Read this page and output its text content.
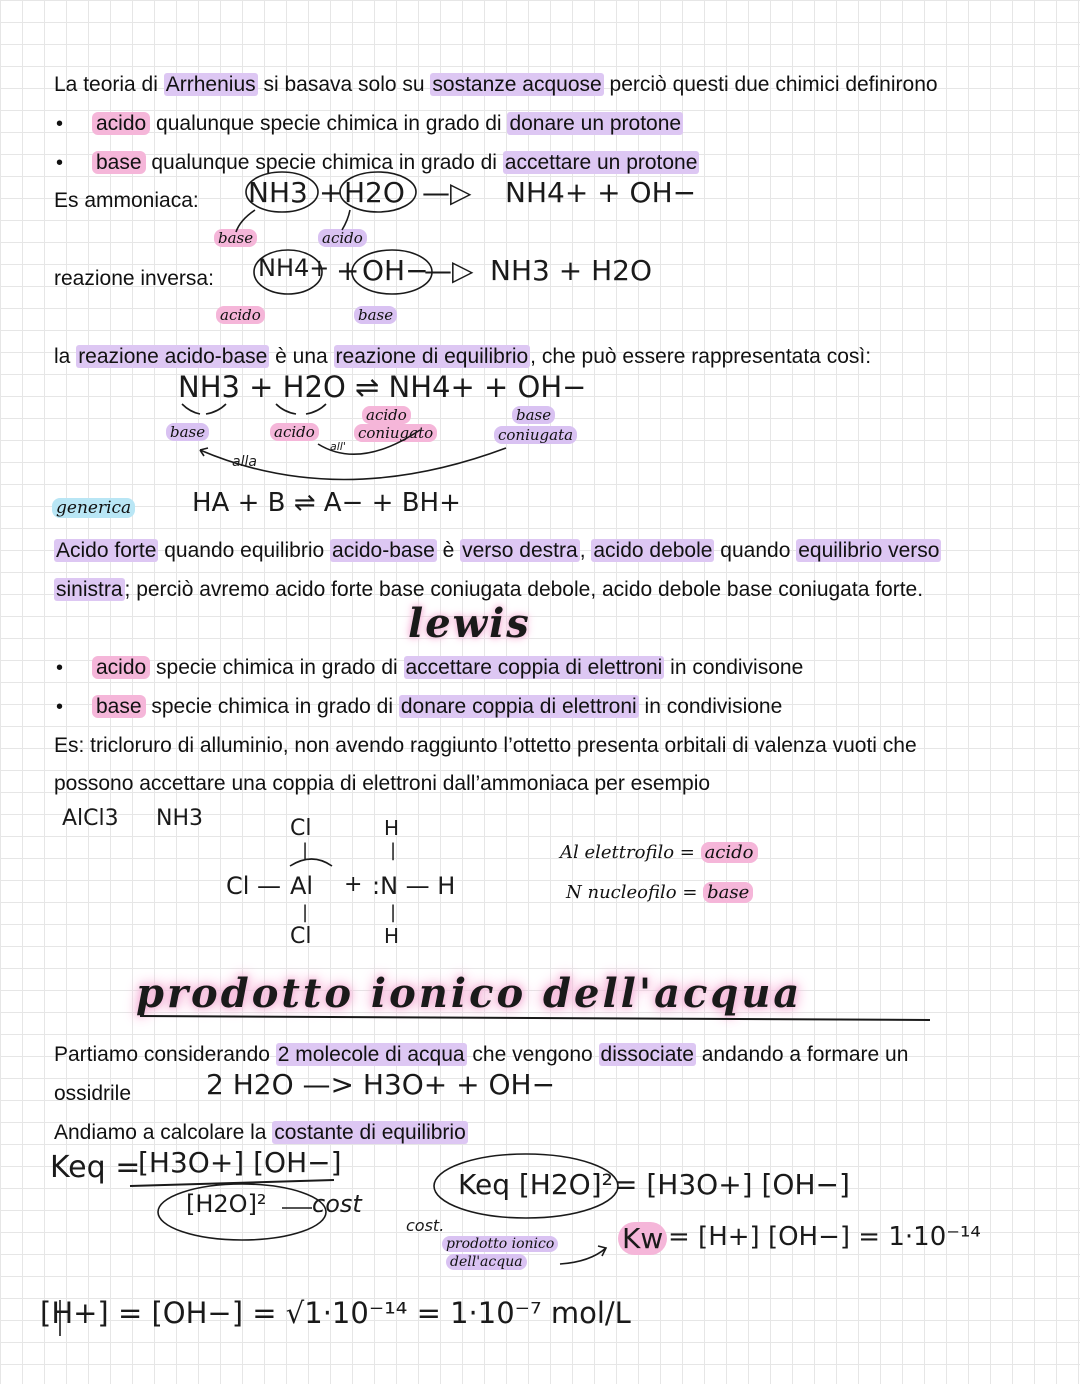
La teoria di Arrhenius si basava solo su sostanze acquose perciò questi due chimici definirono
• acido qualunque specie chimica in grado di donare un protone
• base qualunque specie chimica in grado di accettare un protone
Es ammoniaca: NH3 + H2O —▷ NH4+ + OH−
base	acido
reazione inversa: NH4+ + OH−
—▷ NH3 + H2O
acido	base
la reazione acido-base è una reazione di equilibrio, che può essere rappresentata così:
NH3 + H2O ⇌ NH4+ + OH−
base	acido
acido
coniugato
base
coniugata
alla
all'
generica HA + B ⇌ A− + BH+
Acido forte quando equilibrio acido-base è verso destra, acido debole quando equilibrio verso
sinistra; perciò avremo acido forte base coniugata debole, acido debole base coniugata forte.
lewis
• acido specie chimica in grado di accettare coppia di elettroni in condivisone
• base specie chimica in grado di donare coppia di elettroni in condivisione
Es: tricloruro di alluminio, non avendo raggiunto l’ottetto presenta orbitali di valenza vuoti che
possono accettare una coppia di elettroni dall’ammoniaca per esempio
AlCl3 NH3	Cl
|
Cl — Al + :N — H
|
Cl
H
|
|
H
Al elettrofilo = acido
N nucleofilo = base
prodotto ionico dell'acqua
Partiamo considerando 2 molecole di acqua che vengono dissociate andando a formare un
ossidrile	2 H2O —> H3O+ + OH−
Andiamo a calcolare la costante di equilibrio
Keq =
[H3O+] [OH−]
[H2O]² cost
Keq [H2O]² = [H3O+] [OH−]
cost.
prodotto ionico
dell'acqua
Kw = [H+] [OH−] = 1·10⁻¹⁴
[H+] = [OH−] = √1·10⁻¹⁴ = 1·10⁻⁷ mol/L
